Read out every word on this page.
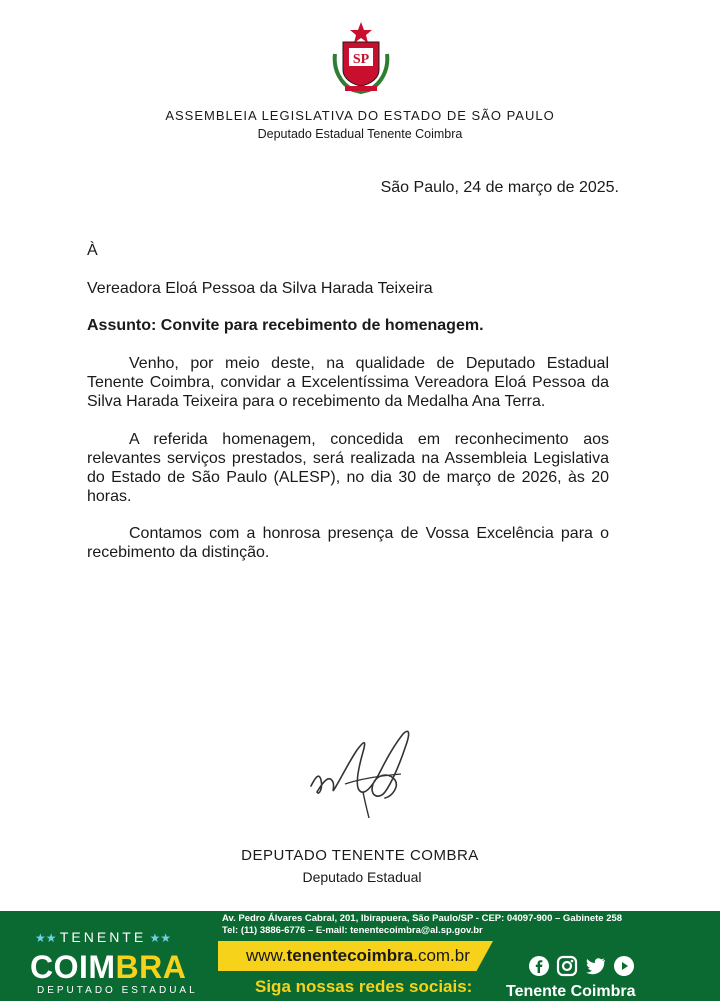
SP
ASSEMBLEIA LEGISLATIVA DO ESTADO DE SÃO PAULO
Deputado Estadual Tenente Coimbra
São Paulo, 24 de março de 2025.
À
Vereadora Eloá Pessoa da Silva Harada Teixeira
Assunto: Convite para recebimento de homenagem.
Venho, por meio deste, na qualidade de Deputado Estadual Tenente Coimbra, convidar a Excelentíssima Vereadora Eloá Pessoa da Silva Harada Teixeira para o recebimento da Medalha Ana Terra.
A referida homenagem, concedida em reconhecimento aos relevantes serviços prestados, será realizada na Assembleia Legislativa do Estado de São Paulo (ALESP), no dia 30 de março de 2026, às 20 horas.
Contamos com a honrosa presença de Vossa Excelência para o recebimento da distinção.
DEPUTADO TENENTE COMBRA
Deputado Estadual
★★ TENENTE ★★
COIMBRA
DEPUTADO ESTADUAL
Av. Pedro Álvares Cabral, 201, Ibirapuera, São Paulo/SP - CEP: 04097-900 – Gabinete 258
Tel: (11) 3886-6776 – E-mail: tenentecoimbra@al.sp.gov.br
www.tenentecoimbra.com.br
Siga nossas redes sociais:
Tenente Coimbra
